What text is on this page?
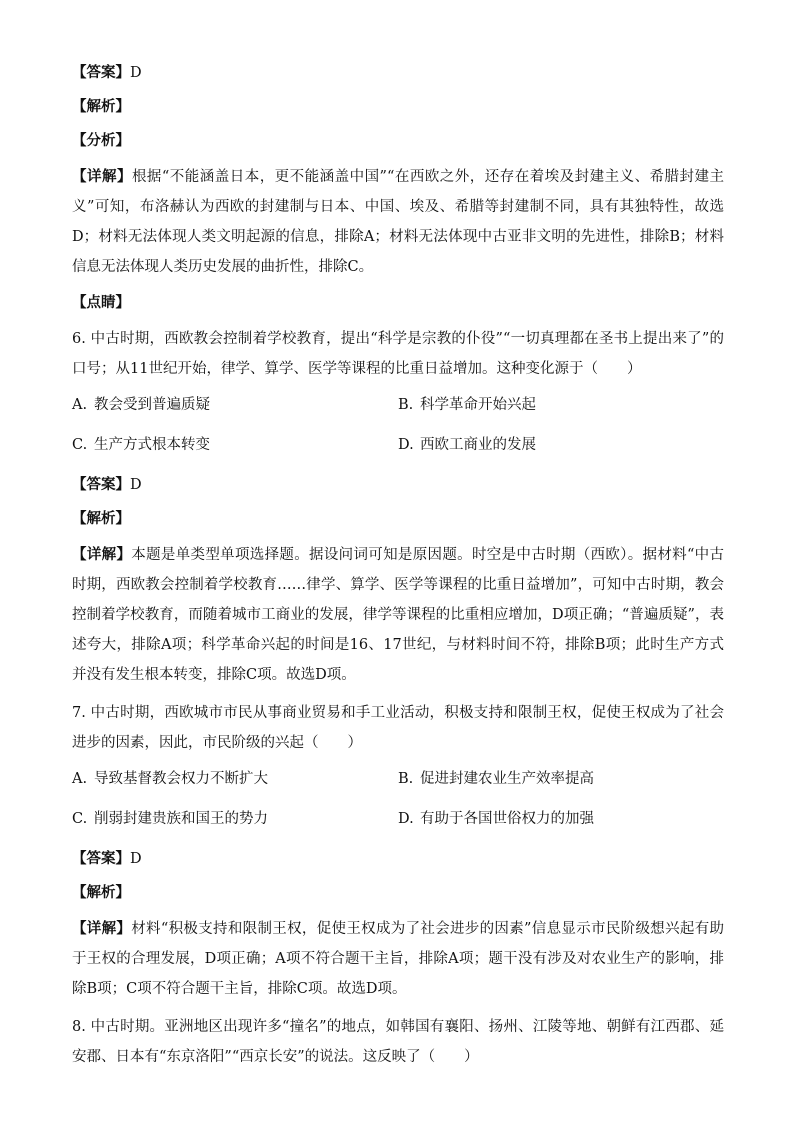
【答案】D
【解析】
【分析】

【详解】根据“不能涵盖日本，更不能涵盖中国”“在西欧之外，还存在着埃及封建主义、希腊封建主义”可知，布洛赫认为西欧的封建制与日本、中国、埃及、希腊等封建制不同，具有其独特性，故选D；材料无法体现人类文明起源的信息，排除A；材料无法体现中古亚非文明的先进性，排除B；材料信息无法体现人类历史发展的曲折性，排除C。

【点睛】

6. 中古时期，西欧教会控制着学校教育，提出“科学是宗教的仆役”“一切真理都在圣书上提出来了”的口号；从11世纪开始，律学、算学、医学等课程的比重日益增加。这种变化源于（　　）

A. 教会受到普遍质疑	B. 科学革命开始兴起
C. 生产方式根本转变	D. 西欧工商业的发展
【答案】D
【解析】

【详解】本题是单类型单项选择题。据设问词可知是原因题。时空是中古时期（西欧）。据材料“中古时期，西欧教会控制着学校教育……律学、算学、医学等课程的比重日益增加”，可知中古时期，教会控制着学校教育，而随着城市工商业的发展，律学等课程的比重相应增加，D项正确；“普遍质疑”，表述夸大，排除A项；科学革命兴起的时间是16、17世纪，与材料时间不符，排除B项；此时生产方式并没有发生根本转变，排除C项。故选D项。

7. 中古时期，西欧城市市民从事商业贸易和手工业活动，积极支持和限制王权，促使王权成为了社会进步的因素，因此，市民阶级的兴起（　　）

A. 导致基督教会权力不断扩大	B. 促进封建农业生产效率提高
C. 削弱封建贵族和国王的势力	D. 有助于各国世俗权力的加强
【答案】D
【解析】

【详解】材料“积极支持和限制王权，促使王权成为了社会进步的因素”信息显示市民阶级想兴起有助于王权的合理发展，D项正确；A项不符合题干主旨，排除A项；题干没有涉及对农业生产的影响，排除B项；C项不符合题干主旨，排除C项。故选D项。

8. 中古时期。亚洲地区出现许多“撞名”的地点，如韩国有襄阳、扬州、江陵等地、朝鲜有江西郡、延安郡、日本有“东京洛阳”“西京长安”的说法。这反映了（　　）
